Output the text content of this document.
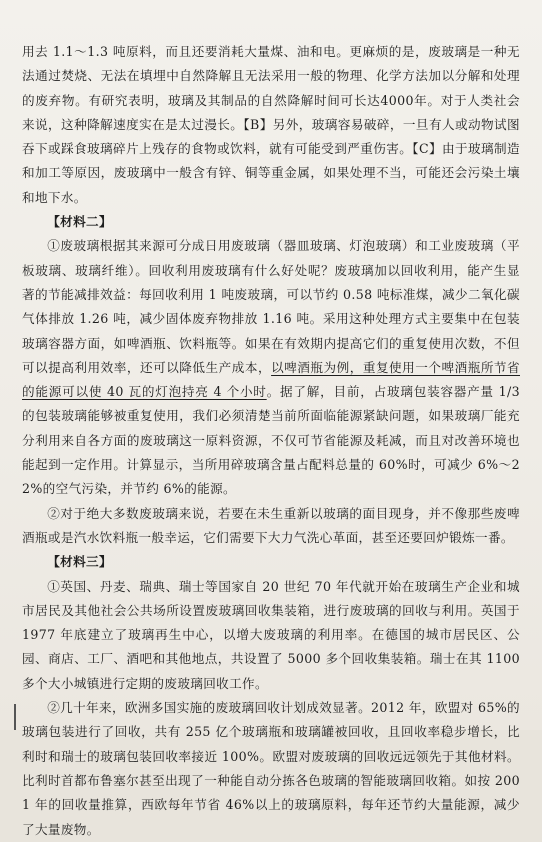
用去 1.1～1.3 吨原料，而且还要消耗大量煤、油和电。更麻烦的是，废玻璃是一种无法通过焚烧、无法在填埋中自然降解且无法采用一般的物理、化学方法加以分解和处理的废弃物。有研究表明，玻璃及其制品的自然降解时间可长达4000年。对于人类社会来说，这种降解速度实在是太过漫长。【B】另外，玻璃容易破碎，一旦有人或动物试图吞下或踩食玻璃碎片上残存的食物或饮料，就有可能受到严重伤害。【C】由于玻璃制造和加工等原因，废玻璃中一般含有锌、铜等重金属，如果处理不当，可能还会污染土壤和地下水。

【材料二】

①废玻璃根据其来源可分成日用废玻璃（器皿玻璃、灯泡玻璃）和工业废玻璃（平板玻璃、玻璃纤维）。回收利用废玻璃有什么好处呢？废玻璃加以回收利用，能产生显著的节能减排效益：每回收利用 1 吨废玻璃，可以节约 0.58 吨标准煤，减少二氧化碳气体排放 1.26 吨，减少固体废弃物排放 1.16 吨。采用这种处理方式主要集中在包装玻璃容器方面，如啤酒瓶、饮料瓶等。如果在有效期内提高它们的重复使用次数，不但可以提高利用效率，还可以降低生产成本，以啤酒瓶为例，重复使用一个啤酒瓶所节省的能源可以使 40 瓦的灯泡持亮 4 个小时。据了解，目前，占玻璃包装容器产量 1/3 的包装玻璃能够被重复使用，我们必须清楚当前所面临能源紧缺问题，如果玻璃厂能充分利用来自各方面的废玻璃这一原料资源，不仅可节省能源及耗减，而且对改善环境也能起到一定作用。计算显示，当所用碎玻璃含量占配料总量的 60%时，可减少 6%～22%的空气污染，并节约 6%的能源。

②对于绝大多数废玻璃来说，若要在未生重新以玻璃的面目现身，并不像那些废啤酒瓶或是汽水饮料瓶一般幸运，它们需要下大力气洗心革面，甚至还要回炉锻炼一番。

【材料三】

①英国、丹麦、瑞典、瑞士等国家自 20 世纪 70 年代就开始在玻璃生产企业和城市居民及其他社会公共场所设置废玻璃回收集装箱，进行废玻璃的回收与利用。英国于 1977 年底建立了玻璃再生中心，以增大废玻璃的利用率。在德国的城市居民区、公园、商店、工厂、酒吧和其他地点，共设置了 5000 多个回收集装箱。瑞士在其 1100 多个大小城镇进行定期的废玻璃回收工作。

②几十年来，欧洲多国实施的废玻璃回收计划成效显著。2012 年，欧盟对 65%的玻璃包装进行了回收，共有 255 亿个玻璃瓶和玻璃罐被回收，且回收率稳步增长，比利时和瑞士的玻璃包装回收率接近 100%。欧盟对废玻璃的回收远远领先于其他材料。比利时首都布鲁塞尔甚至出现了一种能自动分拣各色玻璃的智能玻璃回收箱。如按 2001 年的回收量推算，西欧每年节省 46%以上的玻璃原料，每年还节约大量能源，减少了大量废物。
